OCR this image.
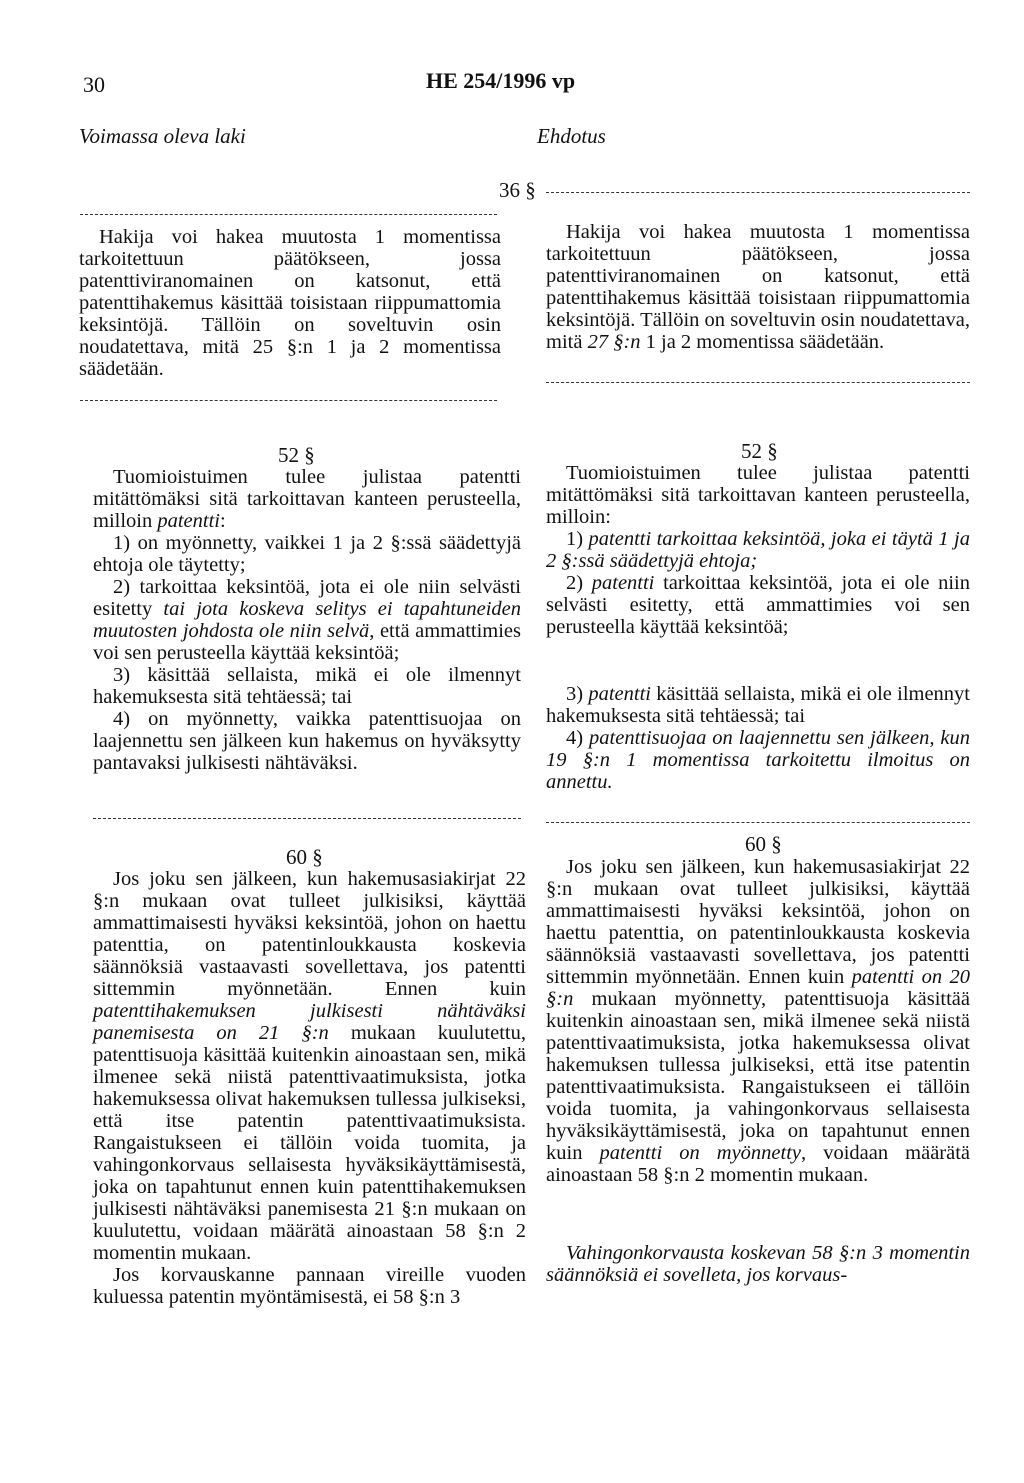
30	HE 254/1996 vp
Voimassa oleva laki	Ehdotus
36 §

Hakija voi hakea muutosta 1 momentissa tarkoitettuun päätökseen, jossa patenttiviranomainen on katsonut, että patenttihakemus käsittää toisistaan riippumattomia keksintöjä. Tällöin on soveltuvin osin noudatettava, mitä 25 §:n 1 ja 2 momentissa säädetään.

Hakija voi hakea muutosta 1 momentissa tarkoitettuun päätökseen, jossa patenttiviranomainen on katsonut, että patenttihakemus käsittää toisistaan riippumattomia keksintöjä. Tällöin on soveltuvin osin noudatettava, mitä 27 §:n 1 ja 2 momentissa säädetään.

52 §	52 §

Tuomioistuimen tulee julistaa patentti mitättömäksi sitä tarkoittavan kanteen perusteella, milloin patentti:

1) on myönnetty, vaikkei 1 ja 2 §:ssä säädettyjä ehtoja ole täytetty;

2) tarkoittaa keksintöä, jota ei ole niin selvästi esitetty tai jota koskeva selitys ei tapahtuneiden muutosten johdosta ole niin selvä, että ammattimies voi sen perusteella käyttää keksintöä;

3) käsittää sellaista, mikä ei ole ilmennyt hakemuksesta sitä tehtäessä; tai

4) on myönnetty, vaikka patenttisuojaa on laajennettu sen jälkeen kun hakemus on hyväksytty pantavaksi julkisesti nähtäväksi.

Tuomioistuimen tulee julistaa patentti mitättömäksi sitä tarkoittavan kanteen perusteella, milloin:

1) patentti tarkoittaa keksintöä, joka ei täytä 1 ja 2 §:ssä säädettyjä ehtoja;

2) patentti tarkoittaa keksintöä, jota ei ole niin selvästi esitetty, että ammattimies voi sen perusteella käyttää keksintöä;

3) patentti käsittää sellaista, mikä ei ole ilmennyt hakemuksesta sitä tehtäessä; tai

4) patenttisuojaa on laajennettu sen jälkeen, kun 19 §:n 1 momentissa tarkoitettu ilmoitus on annettu.

60 §
60 §

Jos joku sen jälkeen, kun hakemusasiakirjat 22 §:n mukaan ovat tulleet julkisiksi, käyttää ammattimaisesti hyväksi keksintöä, johon on haettu patenttia, on patentinloukkausta koskevia säännöksiä vastaavasti sovellettava, jos patentti sittemmin myönnetään. Ennen kuin patenttihakemuksen julkisesti nähtäväksi panemisesta on 21 §:n mukaan kuulutettu, patenttisuoja käsittää kuitenkin ainoastaan sen, mikä ilmenee sekä niistä patenttivaatimuksista, jotka hakemuksessa olivat hakemuksen tullessa julkiseksi, että itse patentin patenttivaatimuksista. Rangaistukseen ei tällöin voida tuomita, ja vahingonkorvaus sellaisesta hyväksikäyttämisestä, joka on tapahtunut ennen kuin patenttihakemuksen julkisesti nähtäväksi panemisesta 21 §:n mukaan on kuulutettu, voidaan määrätä ainoastaan 58 §:n 2 momentin mukaan.

Jos korvauskanne pannaan vireille vuoden kuluessa patentin myöntämisestä, ei 58 §:n 3

Jos joku sen jälkeen, kun hakemusasiakirjat 22 §:n mukaan ovat tulleet julkisiksi, käyttää ammattimaisesti hyväksi keksintöä, johon on haettu patenttia, on patentinloukkausta koskevia säännöksiä vastaavasti sovellettava, jos patentti sittemmin myönnetään. Ennen kuin patentti on 20 §:n mukaan myönnetty, patenttisuoja käsittää kuitenkin ainoastaan sen, mikä ilmenee sekä niistä patenttivaatimuksista, jotka hakemuksessa olivat hakemuksen tullessa julkiseksi, että itse patentin patenttivaatimuksista. Rangaistukseen ei tällöin voida tuomita, ja vahingonkorvaus sellaisesta hyväksikäyttämisestä, joka on tapahtunut ennen kuin patentti on myönnetty, voidaan määrätä ainoastaan 58 §:n 2 momentin mukaan.

Vahingonkorvausta koskevan 58 §:n 3 momentin säännöksiä ei sovelleta, jos korvaus-
